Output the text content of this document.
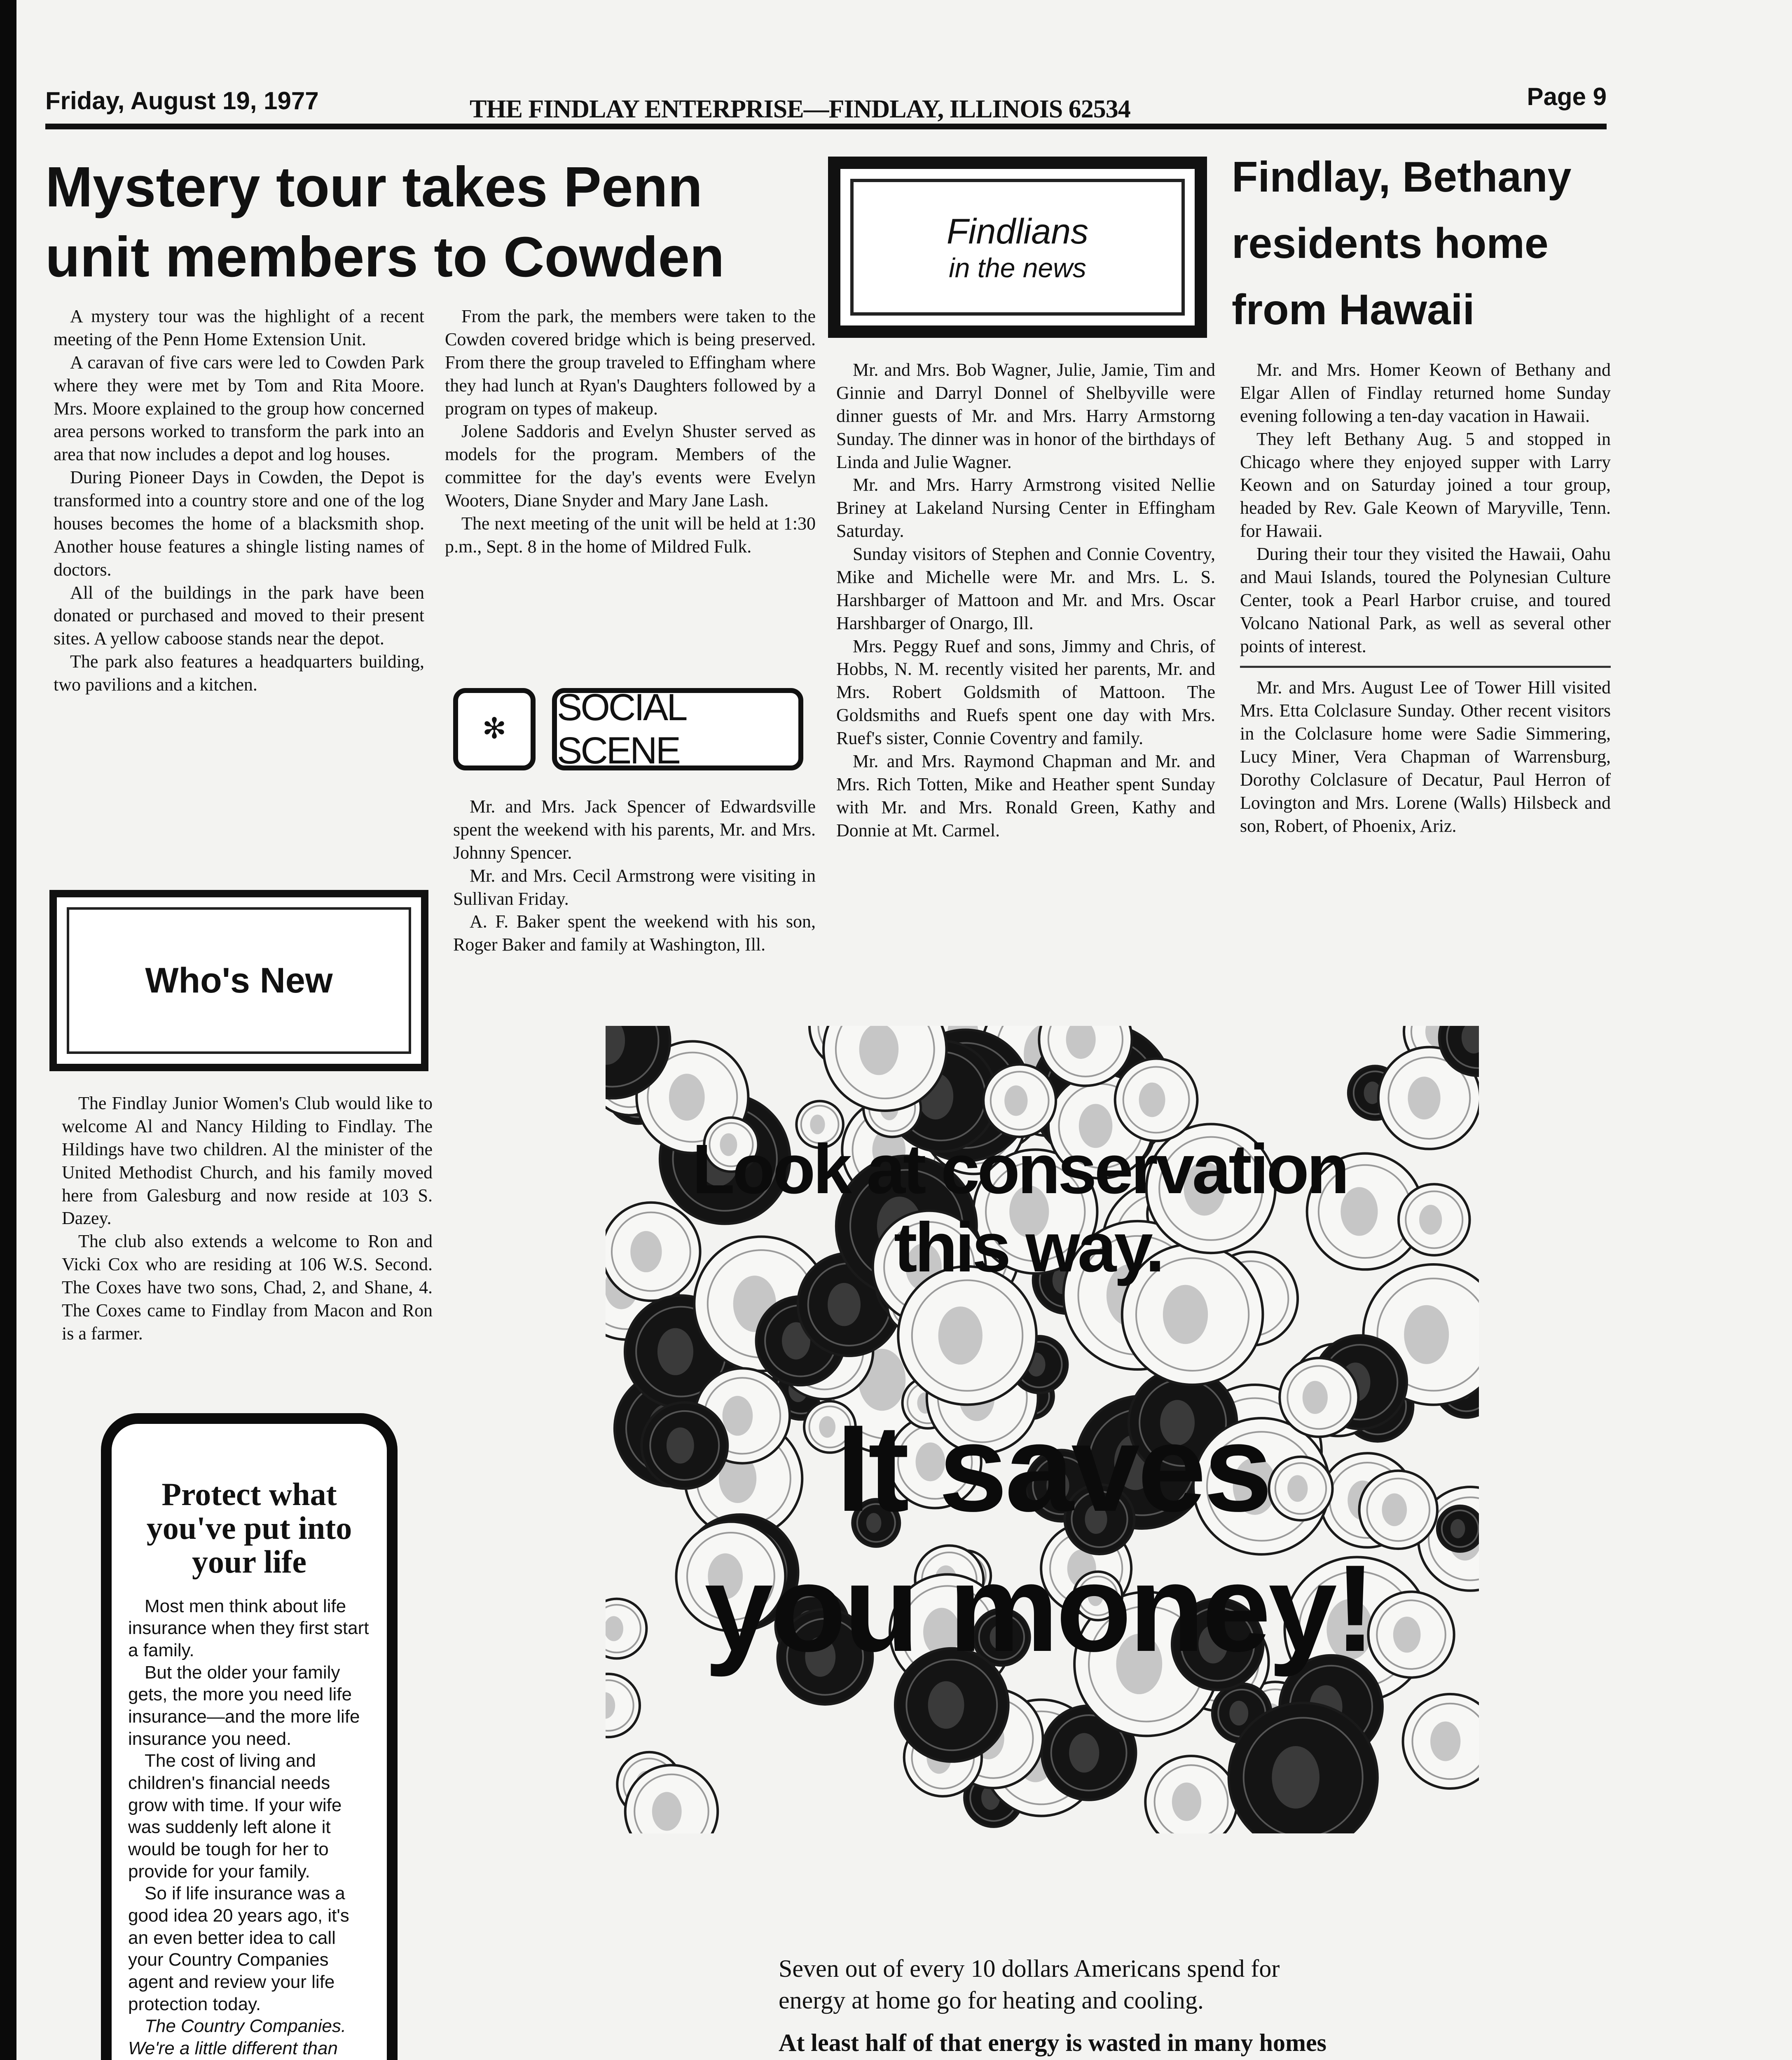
Friday, August 19, 1977	THE FINDLAY ENTERPRISE—FINDLAY, ILLINOIS 62534	Page 9
Mystery tour takes Penn
unit members to Cowden

A mystery tour was the highlight of a recent meeting of the Penn Home Extension Unit.

A caravan of five cars were led to Cowden Park where they were met by Tom and Rita Moore. Mrs. Moore explained to the group how concerned area persons worked to transform the park into an area that now includes a depot and log houses.

During Pioneer Days in Cowden, the Depot is transformed into a country store and one of the log houses becomes the home of a blacksmith shop. Another house features a shingle listing names of doctors.

All of the buildings in the park have been donated or purchased and moved to their present sites. A yellow caboose stands near the depot.

The park also features a headquarters building, two pavilions and a kitchen.

From the park, the members were taken to the Cowden covered bridge which is being preserved. From there the group traveled to Effingham where they had lunch at Ryan's Daughters followed by a program on types of makeup.

Jolene Saddoris and Evelyn Shuster served as models for the program. Members of the committee for the day's events were Evelyn Wooters, Diane Snyder and Mary Jane Lash.

The next meeting of the unit will be held at 1:30 p.m., Sept. 8 in the home of Mildred Fulk.

Who's New

The Findlay Junior Women's Club would like to welcome Al and Nancy Hilding to Findlay. The Hildings have two children. Al the minister of the United Methodist Church, and his family moved here from Galesburg and now reside at 103 S. Dazey.

The club also extends a welcome to Ron and Vicki Cox who are residing at 106 W.S. Second. The Coxes have two sons, Chad, 2, and Shane, 4. The Coxes came to Findlay from Macon and Ron is a farmer.

✻
SOCIAL SCENE

Mr. and Mrs. Jack Spencer of Edwardsville spent the weekend with his parents, Mr. and Mrs. Johnny Spencer.

Mr. and Mrs. Cecil Armstrong were visiting in Sullivan Friday.

A. F. Baker spent the weekend with his son, Roger Baker and family at Washington, Ill.

Findlians
in the news

Mr. and Mrs. Bob Wagner, Julie, Jamie, Tim and Ginnie and Darryl Donnel of Shelbyville were dinner guests of Mr. and Mrs. Harry Armstorng Sunday. The dinner was in honor of the birthdays of Linda and Julie Wagner.

Mr. and Mrs. Harry Armstrong visited Nellie Briney at Lakeland Nursing Center in Effingham Saturday.

Sunday visitors of Stephen and Connie Coventry, Mike and Michelle were Mr. and Mrs. L. S. Harshbarger of Mattoon and Mr. and Mrs. Oscar Harshbarger of Onargo, Ill.

Mrs. Peggy Ruef and sons, Jimmy and Chris, of Hobbs, N. M. recently visited her parents, Mr. and Mrs. Robert Goldsmith of Mattoon. The Goldsmiths and Ruefs spent one day with Mrs. Ruef's sister, Connie Coventry and family.

Mr. and Mrs. Raymond Chapman and Mr. and Mrs. Rich Totten, Mike and Heather spent Sunday with Mr. and Mrs. Ronald Green, Kathy and Donnie at Mt. Carmel.

Findlay, Bethany
residents home
from Hawaii

Mr. and Mrs. Homer Keown of Bethany and Elgar Allen of Findlay returned home Sunday evening following a ten-day vacation in Hawaii.

They left Bethany Aug. 5 and stopped in Chicago where they enjoyed supper with Larry Keown and on Saturday joined a tour group, headed by Rev. Gale Keown of Maryville, Tenn. for Hawaii.

During their tour they visited the Hawaii, Oahu and Maui Islands, toured the Polynesian Culture Center, took a Pearl Harbor cruise, and toured Volcano National Park, as well as several other points of interest.

Mr. and Mrs. August Lee of Tower Hill visited Mrs. Etta Colclasure Sunday. Other recent visitors in the Colclasure home were Sadie Simmering, Lucy Miner, Vera Chapman of Warrensburg, Dorothy Colclasure of Decatur, Paul Herron of Lovington and Mrs. Lorene (Walls) Hilsbeck and son, Robert, of Phoenix, Ariz.

Protect what you've put into your life

Most men think about life insurance when they first start a family.

But the older your family gets, the more you need life insurance—and the more life insurance you need.

The cost of living and children's financial needs grow with time. If your wife was suddenly left alone it would be tough for her to provide for your family.

So if life insurance was a good idea 20 years ago, it's an even better idea to call your Country Companies agent and review your life protection today.

The Country Companies. We're a little different than

Look at conservation
this way.
It saves
you money!

Seven out of every 10 dollars Americans spend for energy at home go for heating and cooling.

At least half of that energy is wasted in many homes
